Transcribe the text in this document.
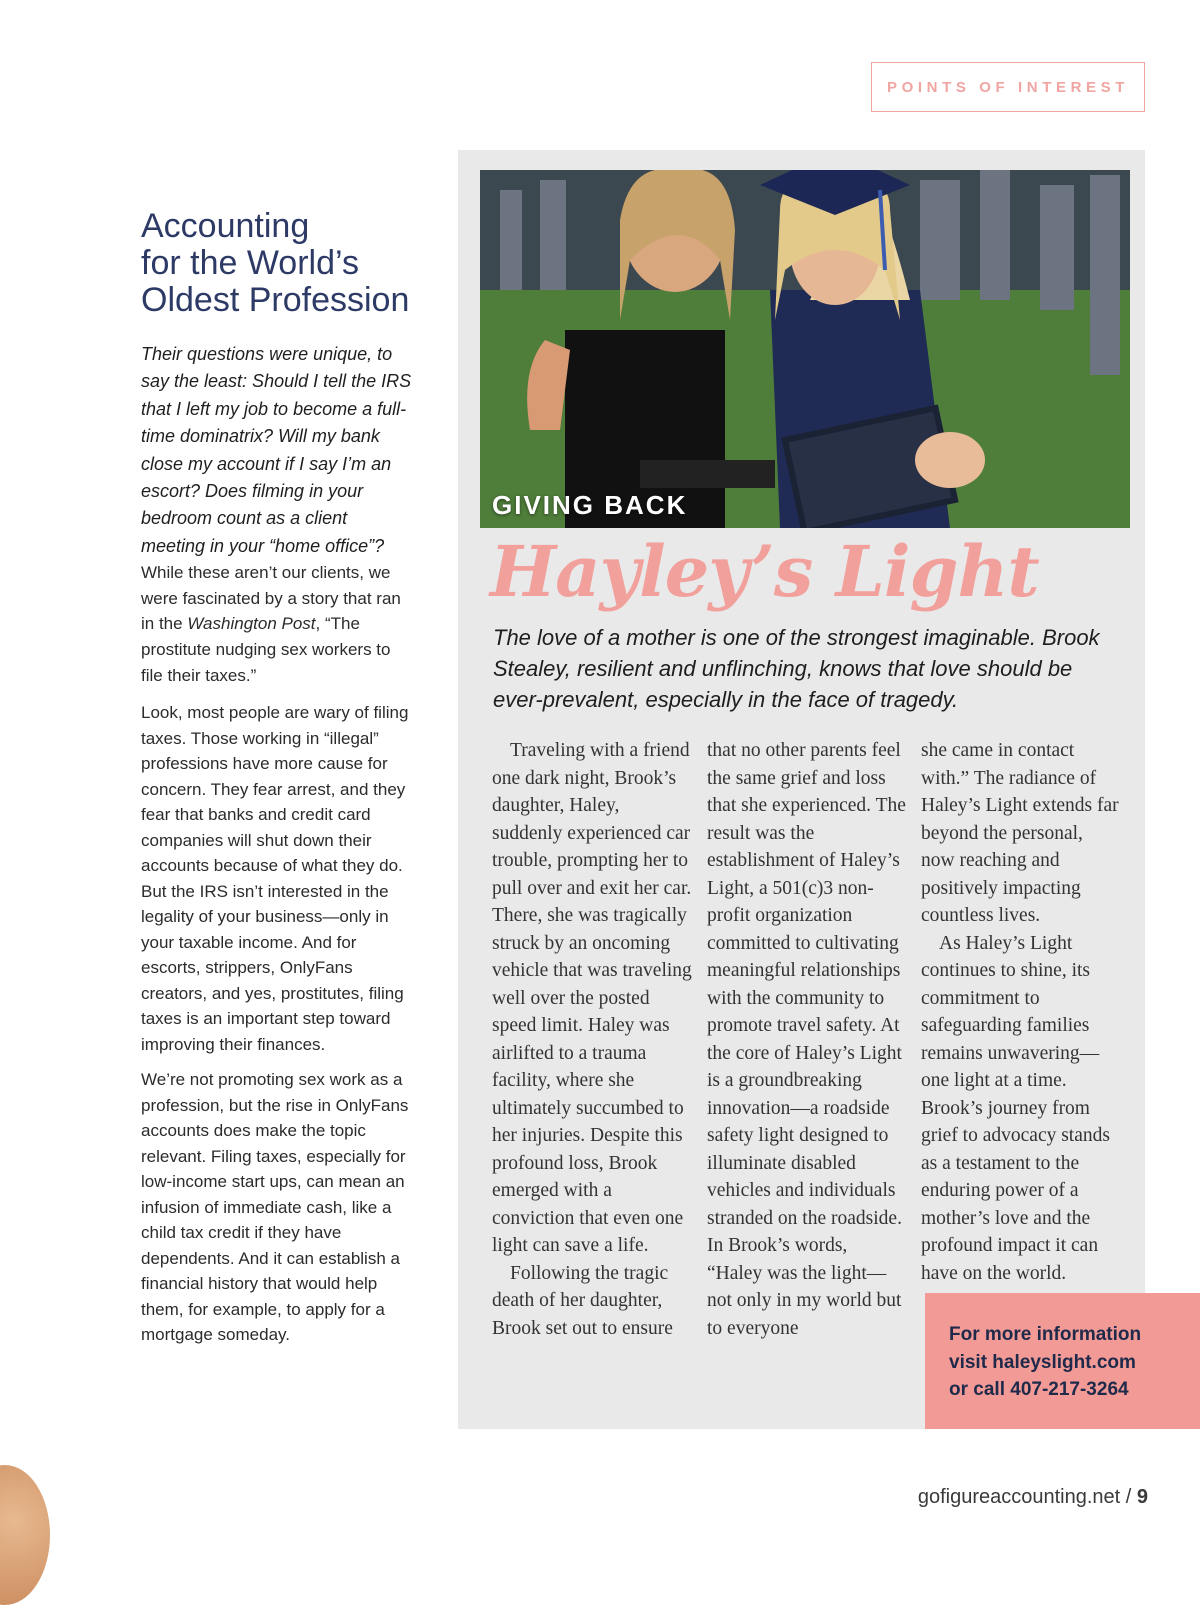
POINTS OF INTEREST
Accounting
for the World’s
Oldest Profession

Their questions were unique, to say the least: Should I tell the IRS that I left my job to become a full-time dominatrix? Will my bank close my account if I say I’m an escort? Does filming in your bedroom count as a client meeting in your “home office”?

While these aren’t our clients, we were fascinated by a story that ran in the Washington Post, “The prostitute nudging sex workers to file their taxes.”

Look, most people are wary of filing taxes. Those working in “illegal” professions have more cause for concern. They fear arrest, and they fear that banks and credit card companies will shut down their accounts because of what they do. But the IRS isn’t interested in the legality of your business—only in your taxable income. And for escorts, strippers, OnlyFans creators, and yes, prostitutes, filing taxes is an important step toward improving their finances.

We’re not promoting sex work as a profession, but the rise in OnlyFans accounts does make the topic relevant. Filing taxes, especially for low-income start ups, can mean an infusion of immediate cash, like a child tax credit if they have dependents. And it can establish a financial history that would help them, for example, to apply for a mortgage someday.

GIVING BACK
Hayley’s Light

The love of a mother is one of the strongest imaginable. Brook Stealey, resilient and unflinching, knows that love should be ever-prevalent, especially in the face of tragedy.

Traveling with a friend one dark night, Brook’s daughter, Haley, suddenly experienced car trouble, prompting her to pull over and exit her car. There, she was tragically struck by an oncoming vehicle that was traveling well over the posted speed limit. Haley was airlifted to a trauma facility, where she ultimately succumbed to her injuries. Despite this profound loss, Brook emerged with a conviction that even one light can save a life.

Following the tragic death of her daughter, Brook set out to ensure

that no other parents feel the same grief and loss that she experienced. The result was the establishment of Haley’s Light, a 501(c)3 non-profit organization committed to cultivating meaningful relationships with the community to promote travel safety. At the core of Haley’s Light is a groundbreaking innovation—a roadside safety light designed to illuminate disabled vehicles and individuals stranded on the roadside. In Brook’s words, “Haley was the light—not only in my world but to everyone

she came in contact with.” The radiance of Haley’s Light extends far beyond the personal, now reaching and positively impacting countless lives.

As Haley’s Light continues to shine, its commitment to safeguarding families remains unwavering—one light at a time. Brook’s journey from grief to advocacy stands as a testament to the enduring power of a mother’s love and the profound impact it can have on the world.

For more information
visit haleyslight.com
or call 407-217-3264
gofigureaccounting.net / 9
